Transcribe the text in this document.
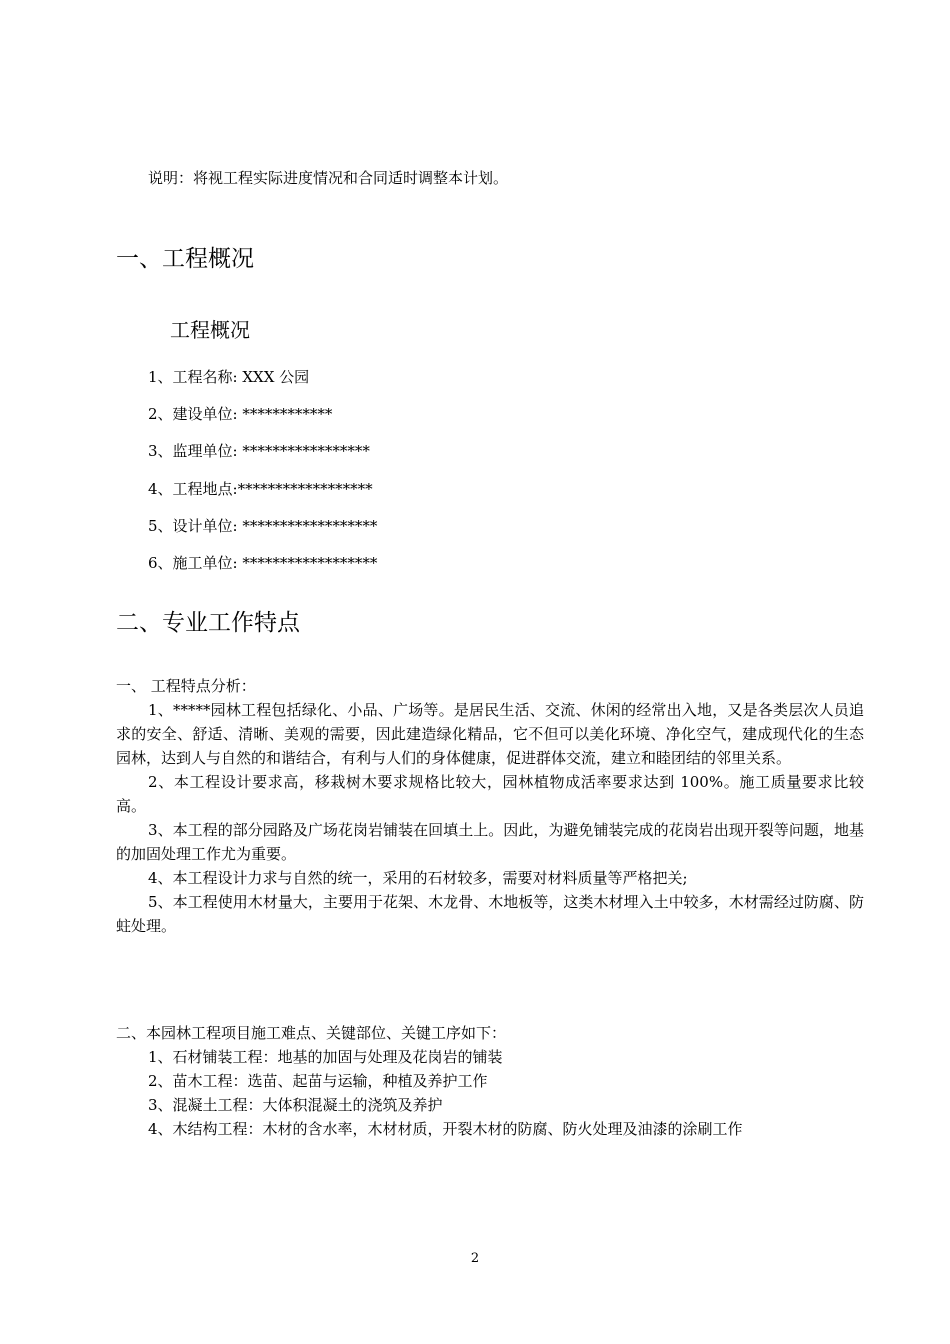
说明：将视工程实际进度情况和合同适时调整本计划。
一、工程概况
工程概况
1、工程名称: XXX 公园
2、建设单位: ************
3、监理单位: *****************
4、工程地点:******************
5、设计单位: ******************
6、施工单位: ******************
二、专业工作特点

一、 工程特点分析：

1、*****园林工程包括绿化、小品、广场等。是居民生活、交流、休闲的经常出入地，又是各类层次人员追求的安全、舒适、清晰、美观的需要，因此建造绿化精品，它不但可以美化环境、净化空气，建成现代化的生态园林，达到人与自然的和谐结合，有利与人们的身体健康，促进群体交流，建立和睦团结的邻里关系。

2、本工程设计要求高，移栽树木要求规格比较大，园林植物成活率要求达到 100%。施工质量要求比较高。

3、本工程的部分园路及广场花岗岩铺装在回填土上。因此，为避免铺装完成的花岗岩出现开裂等问题，地基的加固处理工作尤为重要。

4、本工程设计力求与自然的统一，采用的石材较多，需要对材料质量等严格把关;

5、本工程使用木材量大，主要用于花架、木龙骨、木地板等，这类木材埋入土中较多，木材需经过防腐、防蛀处理。

二、本园林工程项目施工难点、关键部位、关键工序如下：

1、石材铺装工程：地基的加固与处理及花岗岩的铺装

2、苗木工程：选苗、起苗与运输，种植及养护工作

3、混凝土工程：大体积混凝土的浇筑及养护

4、木结构工程：木材的含水率，木材材质，开裂木材的防腐、防火处理及油漆的涂刷工作

2
